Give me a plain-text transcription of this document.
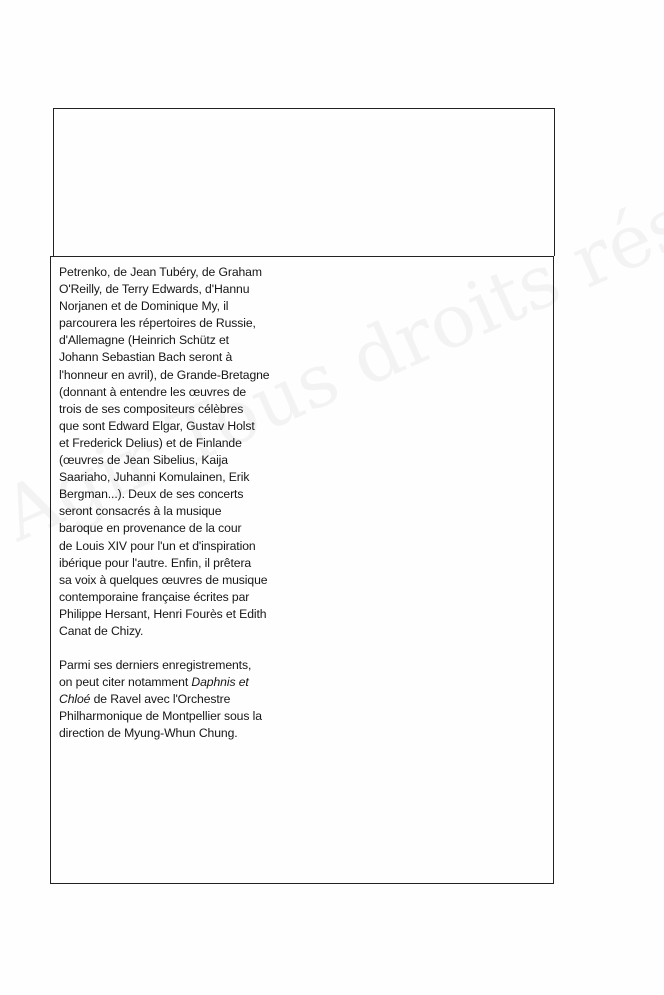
Petrenko, de Jean Tubéry, de Graham
O'Reilly, de Terry Edwards, d'Hannu
Norjanen et de Dominique My, il
parcourera les répertoires de Russie,
d'Allemagne (Heinrich Schütz et
Johann Sebastian Bach seront à
l'honneur en avril), de Grande-Bretagne
(donnant à entendre les œuvres de
trois de ses compositeurs célèbres
que sont Edward Elgar, Gustav Holst
et Frederick Delius) et de Finlande
(œuvres de Jean Sibelius, Kaija
Saariaho, Juhanni Komulainen, Erik
Bergman...). Deux de ses concerts
seront consacrés à la musique
baroque en provenance de la cour
de Louis XIV pour l'un et d'inspiration
ibérique pour l'autre. Enfin, il prêtera
sa voix à quelques œuvres de musique
contemporaine française écrites par
Philippe Hersant, Henri Fourès et Edith
Canat de Chizy.
Parmi ses derniers enregistrements,
on peut citer notamment Daphnis et
Chloé de Ravel avec l'Orchestre
Philharmonique de Montpellier sous la
direction de Myung-Whun Chung.
